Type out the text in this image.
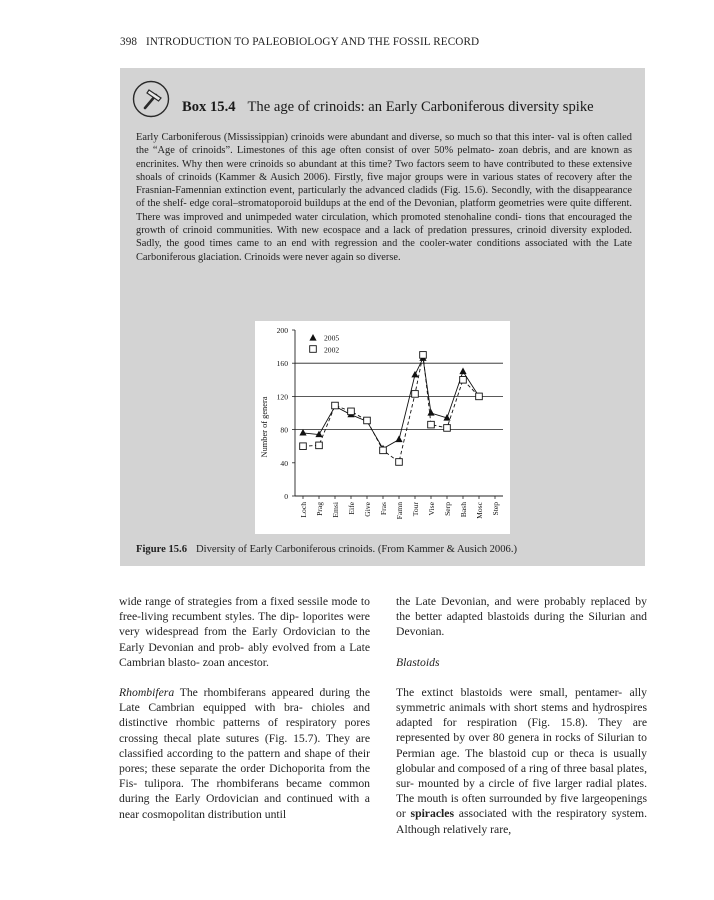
398 INTRODUCTION TO PALEOBIOLOGY AND THE FOSSIL RECORD
Box 15.4 The age of crinoids: an Early Carboniferous diversity spike

Early Carboniferous (Mississippian) crinoids were abundant and diverse, so much so that this inter- val is often called the “Age of crinoids”. Limestones of this age often consist of over 50% pelmato- zoan debris, and are known as encrinites. Why then were crinoids so abundant at this time? Two factors seem to have contributed to these extensive shoals of crinoids (Kammer & Ausich 2006). Firstly, five major groups were in various states of recovery after the Frasnian-Famennian extinction event, particularly the advanced cladids (Fig. 15.6). Secondly, with the disappearance of the shelf- edge coral–stromatoporoid buildups at the end of the Devonian, platform geometries were quite different. There was improved and unimpeded water circulation, which promoted stenohaline condi- tions that encouraged the growth of crinoid communities. With new ecospace and a lack of predation pressures, crinoid diversity exploded. Sadly, the good times came to an end with regression and the cooler-water conditions associated with the Late Carboniferous glaciation. Crinoids were never again so diverse.

0
40
80
120
160
200
Loch Prag Emsi Eife Give Fras Famn Tour Vise Serp Bash Mosc Step
2005
2002
Number of genera
Figure 15.6 Diversity of Early Carboniferous crinoids. (From Kammer & Ausich 2006.)

wide range of strategies from a fixed sessile mode to free-living recumbent styles. The dip- loporites were very widespread from the Early Ordovician to the Early Devonian and prob- ably evolved from a Late Cambrian blasto- zoan ancestor.

Rhombifera The rhombiferans appeared during the Late Cambrian equipped with bra- chioles and distinctive rhombic patterns of respiratory pores crossing thecal plate sutures (Fig. 15.7). They are classified according to the pattern and shape of their pores; these separate the order Dichoporita from the Fis- tulipora. The rhombiferans became common during the Early Ordovician and continued with a near cosmopolitan distribution until

the Late Devonian, and were probably replaced by the better adapted blastoids during the Silurian and Devonian.

Blastoids

The extinct blastoids were small, pentamer- ally symmetric animals with short stems and hydrospires adapted for respiration (Fig. 15.8). They are represented by over 80 genera in rocks of Silurian to Permian age. The blastoid cup or theca is usually globular and composed of a ring of three basal plates, sur- mounted by a circle of five larger radial plates. The mouth is often surrounded by five largeopenings or spiracles associated with the respiratory system. Although relatively rare,
